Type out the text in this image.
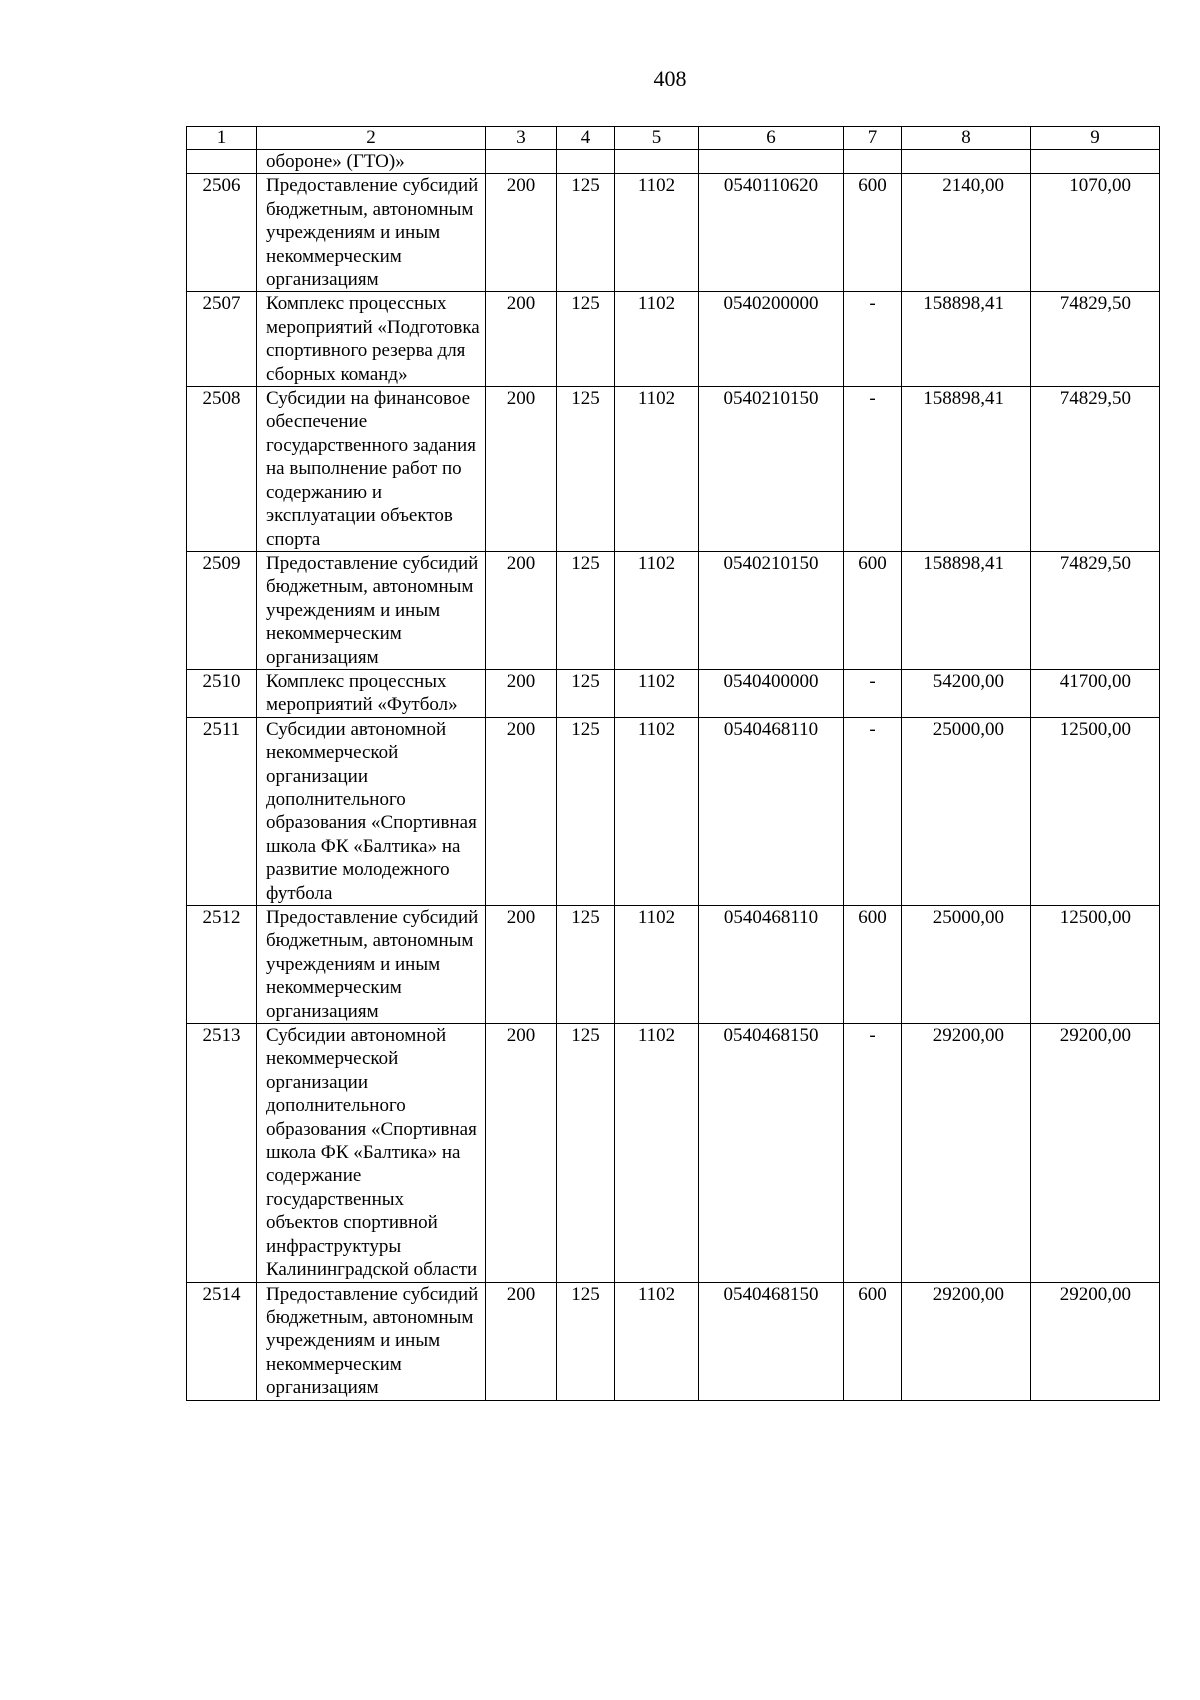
408
1	2	3	4	5	6	7	8	9
	обороне» (ГТО)»							
2506	Предоставление субсидий бюджетным, автономным учреждениям и иным некоммерческим организациям	200	125	1102	0540110620	600	2140,00	1070,00
2507	Комплекс процессных мероприятий «Подготовка спортивного резерва для сборных команд»	200	125	1102	0540200000	-	158898,41	74829,50
2508	Субсидии на финансовое обеспечение государственного задания на выполнение работ по содержанию и эксплуатации объектов спорта	200	125	1102	0540210150	-	158898,41	74829,50
2509	Предоставление субсидий бюджетным, автономным учреждениям и иным некоммерческим организациям	200	125	1102	0540210150	600	158898,41	74829,50
2510	Комплекс процессных мероприятий «Футбол»	200	125	1102	0540400000	-	54200,00	41700,00
2511	Субсидии автономной некоммерческой организации дополнительного образования «Спортивная школа ФК «Балтика» на развитие молодежного футбола	200	125	1102	0540468110	-	25000,00	12500,00
2512	Предоставление субсидий бюджетным, автономным учреждениям и иным некоммерческим организациям	200	125	1102	0540468110	600	25000,00	12500,00
2513	Субсидии автономной некоммерческой организации дополнительного образования «Спортивная школа ФК «Балтика» на содержание государственных объектов спортивной инфраструктуры Калининградской области	200	125	1102	0540468150	-	29200,00	29200,00
2514	Предоставление субсидий бюджетным, автономным учреждениям и иным некоммерческим организациям	200	125	1102	0540468150	600	29200,00	29200,00
